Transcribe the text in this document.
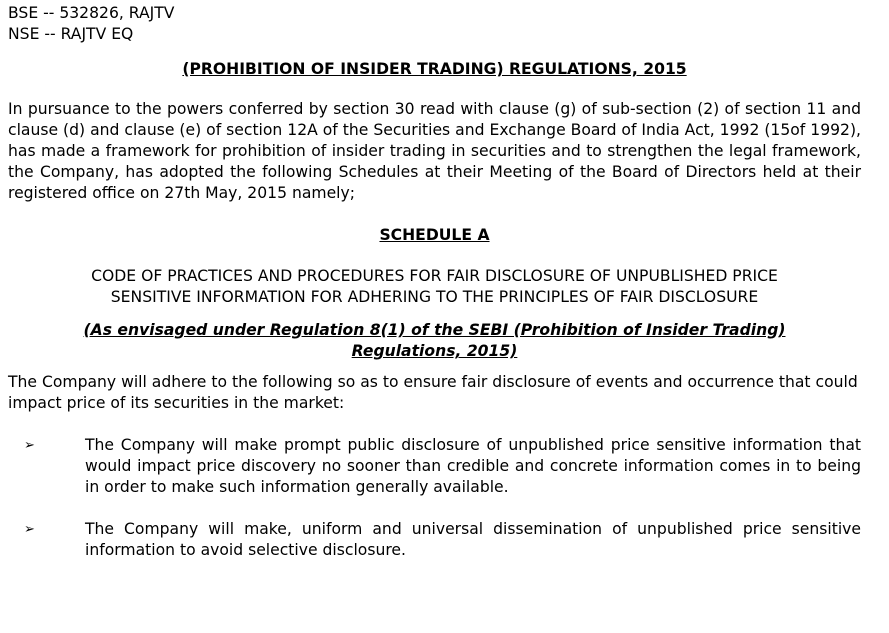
BSE -- 532826, RAJTV
NSE -- RAJTV EQ
(PROHIBITION OF INSIDER TRADING) REGULATIONS, 2015
In pursuance to the powers conferred by section 30 read with clause (g) of sub-section (2) of section 11 and clause (d) and clause (e) of section 12A of the Securities and Exchange Board of India Act, 1992 (15of 1992), has made a framework for prohibition of insider trading in securities and to strengthen the legal framework, the Company, has adopted the following Schedules at their Meeting of the Board of Directors held at their registered office on 27th May, 2015 namely;
SCHEDULE A
CODE OF PRACTICES AND PROCEDURES FOR FAIR DISCLOSURE OF UNPUBLISHED PRICE
SENSITIVE INFORMATION FOR ADHERING TO THE PRINCIPLES OF FAIR DISCLOSURE
(As envisaged under Regulation 8(1) of the SEBI (Prohibition of Insider Trading)
Regulations, 2015)
The Company will adhere to the following so as to ensure fair disclosure of events and occurrence that could impact price of its securities in the market:
➢	The Company will make prompt public disclosure of unpublished price sensitive information that would impact price discovery no sooner than credible and concrete information comes in to being in order to make such information generally available.
➢	The Company will make, uniform and universal dissemination of unpublished price sensitive information to avoid selective disclosure.
